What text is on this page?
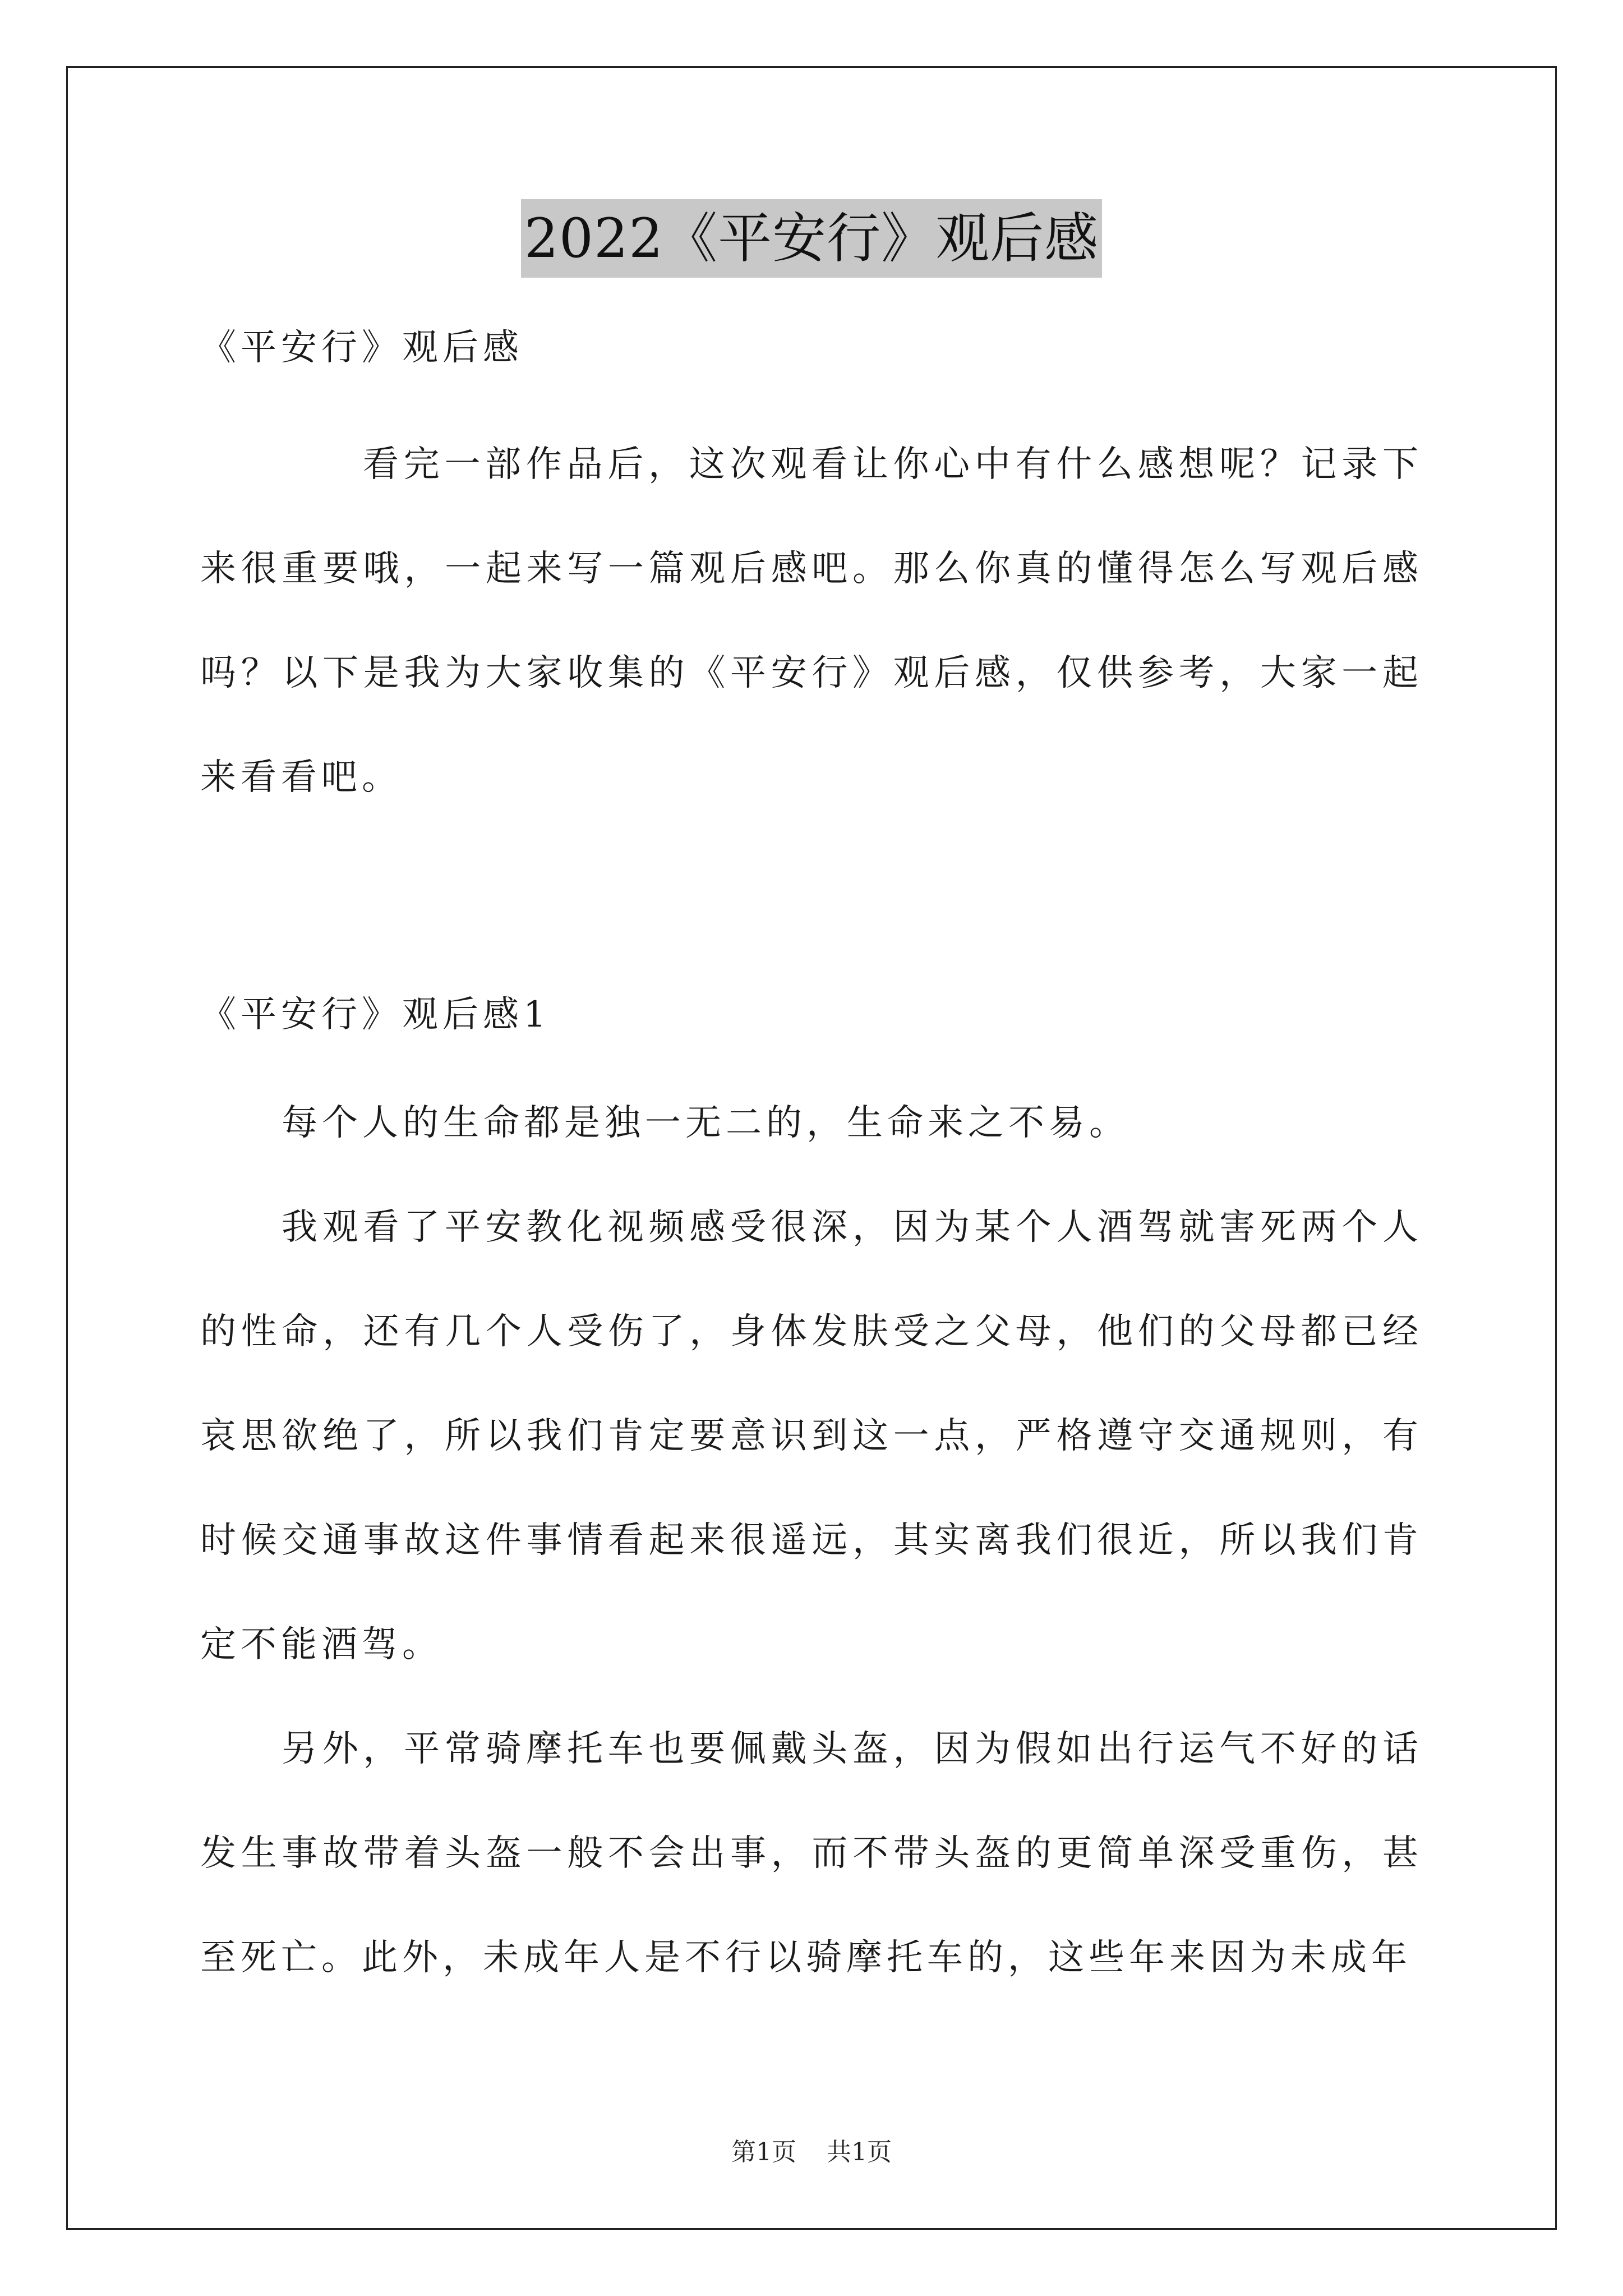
2022《平安行》观后感

《平安行》观后感

看完一部作品后，这次观看让你心中有什么感想呢？记录下来很重要哦，一起来写一篇观后感吧。那么你真的懂得怎么写观后感吗？以下是我为大家收集的《平安行》观后感，仅供参考，大家一起来看看吧。

《平安行》观后感1

每个人的生命都是独一无二的，生命来之不易。

我观看了平安教化视频感受很深，因为某个人酒驾就害死两个人的性命，还有几个人受伤了，身体发肤受之父母，他们的父母都已经哀思欲绝了，所以我们肯定要意识到这一点，严格遵守交通规则，有时候交通事故这件事情看起来很遥远，其实离我们很近，所以我们肯定不能酒驾。

另外，平常骑摩托车也要佩戴头盔，因为假如出行运气不好的话发生事故带着头盔一般不会出事，而不带头盔的更简单深受重伤，甚至死亡。此外，未成年人是不行以骑摩托车的，这些年来因为未成年

第1页 共1页
